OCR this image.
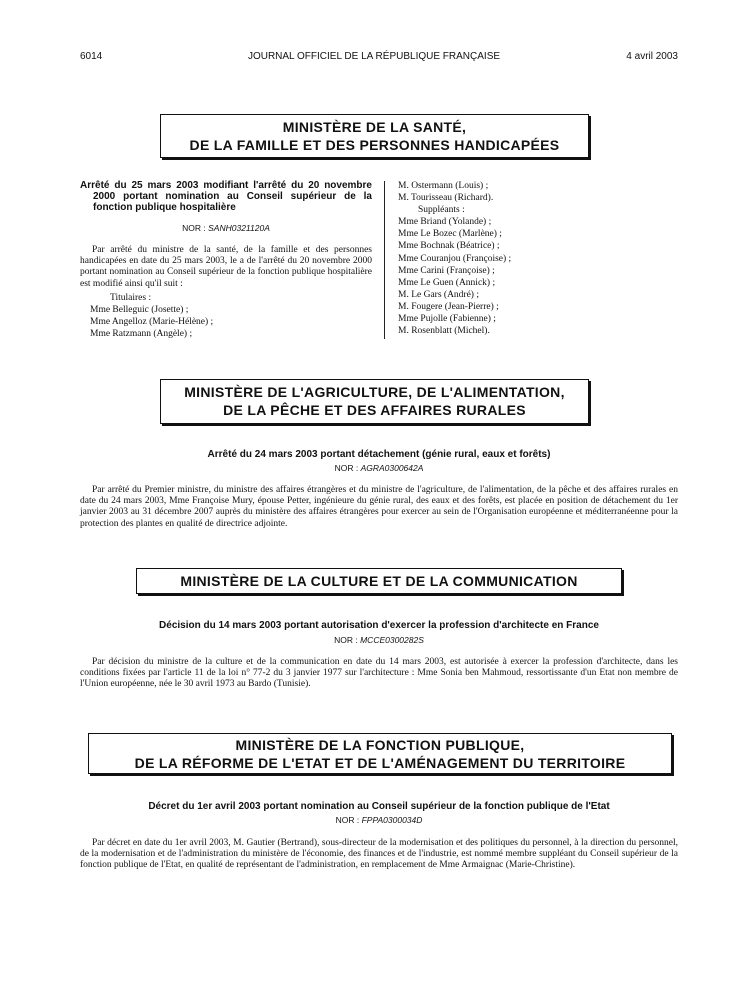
6014	JOURNAL OFFICIEL DE LA RÉPUBLIQUE FRANÇAISE	4 avril 2003
MINISTÈRE DE LA SANTÉ,
DE LA FAMILLE ET DES PERSONNES HANDICAPÉES
Arrêté du 25 mars 2003 modifiant l'arrêté du 20 novembre
2000 portant nomination au Conseil supérieur de la
fonction publique hospitalière
NOR : SANH0321120A
Par arrêté du ministre de la santé, de la famille et des personnes handicapées en date du 25 mars 2003, le a de l'arrêté du 20 novembre 2000 portant nomination au Conseil supérieur de la fonction publique hospitalière est modifié ainsi qu'il suit :
Titulaires :
Mme Belleguic (Josette) ;
Mme Angelloz (Marie-Hélène) ;
Mme Ratzmann (Angèle) ;
M. Ostermann (Louis) ;
M. Tourisseau (Richard).
Suppléants :
Mme Briand (Yolande) ;
Mme Le Bozec (Marlène) ;
Mme Bochnak (Béatrice) ;
Mme Couranjou (Françoise) ;
Mme Carini (Françoise) ;
Mme Le Guen (Annick) ;
M. Le Gars (André) ;
M. Fougere (Jean-Pierre) ;
Mme Pujolle (Fabienne) ;
M. Rosenblatt (Michel).
MINISTÈRE DE L'AGRICULTURE, DE L'ALIMENTATION,
DE LA PÊCHE ET DES AFFAIRES RURALES
Arrêté du 24 mars 2003 portant détachement (génie rural, eaux et forêts)
NOR : AGRA0300642A
Par arrêté du Premier ministre, du ministre des affaires étrangères et du ministre de l'agriculture, de l'alimentation, de la pêche et des affaires rurales en date du 24 mars 2003, Mme Françoise Mury, épouse Petter, ingénieure du génie rural, des eaux et des forêts, est placée en position de détachement du 1er janvier 2003 au 31 décembre 2007 auprès du ministère des affaires étrangères pour exercer au sein de l'Organisation européenne et méditerranéenne pour la protection des plantes en qualité de directrice adjointe.
MINISTÈRE DE LA CULTURE ET DE LA COMMUNICATION
Décision du 14 mars 2003 portant autorisation d'exercer la profession d'architecte en France
NOR : MCCE0300282S
Par décision du ministre de la culture et de la communication en date du 14 mars 2003, est autorisée à exercer la profession d'architecte, dans les conditions fixées par l'article 11 de la loi n° 77-2 du 3 janvier 1977 sur l'architecture : Mme Sonia ben Mahmoud, ressortissante d'un Etat non membre de l'Union européenne, née le 30 avril 1973 au Bardo (Tunisie).
MINISTÈRE DE LA FONCTION PUBLIQUE,
DE LA RÉFORME DE L'ETAT ET DE L'AMÉNAGEMENT DU TERRITOIRE
Décret du 1er avril 2003 portant nomination au Conseil supérieur de la fonction publique de l'Etat
NOR : FPPA0300034D
Par décret en date du 1er avril 2003, M. Gautier (Bertrand), sous-directeur de la modernisation et des politiques du personnel, à la direction du personnel, de la modernisation et de l'administration du ministère de l'économie, des finances et de l'industrie, est nommé membre suppléant du Conseil supérieur de la fonction publique de l'Etat, en qualité de représentant de l'administration, en remplacement de Mme Armaignac (Marie-Christine).
